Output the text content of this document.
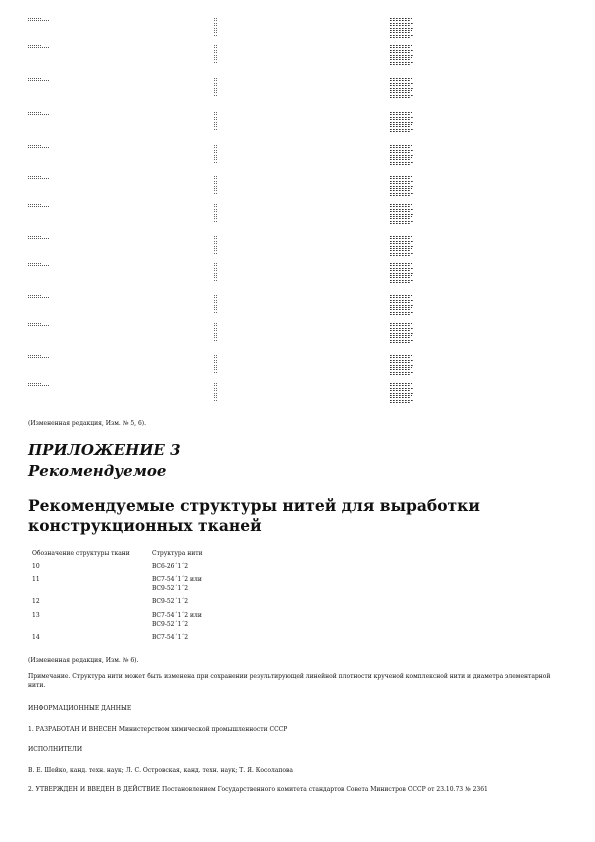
(Измененная редакция, Изм. № 5, 6).
ПРИЛОЖЕНИЕ 3
Рекомендуемое
Рекомендуемые структуры нитей для выработки конструкционных тканей
Обозначение структуры ткани	Структура нити
10	ВС6-26´1´2
11	ВС7-54´1´2 или
ВС9-52´1´2
12	ВС9-52´1´2
13	ВС7-54´1´2 или
ВС9-52´1´2
14	ВС7-54´1´2
(Измененная редакция, Изм. № 6).
Примечание. Структура нити может быть изменена при сохранении результирующей линейной плотности крученой комплексной нити и диаметра элементарной нити.
ИНФОРМАЦИОННЫЕ ДАННЫЕ
1. РАЗРАБОТАН И ВНЕСЕН Министерством химической промышленности СССР
ИСПОЛНИТЕЛИ
В. Е. Шейко, канд. техн. наук; Л. С. Островская, канд. техн. наук; Т. Я. Косолапова
2. УТВЕРЖДЕН И ВВЕДЕН В ДЕЙСТВИЕ Постановлением Государственного комитета стандартов Совета Министров СССР от 23.10.73 № 2361
